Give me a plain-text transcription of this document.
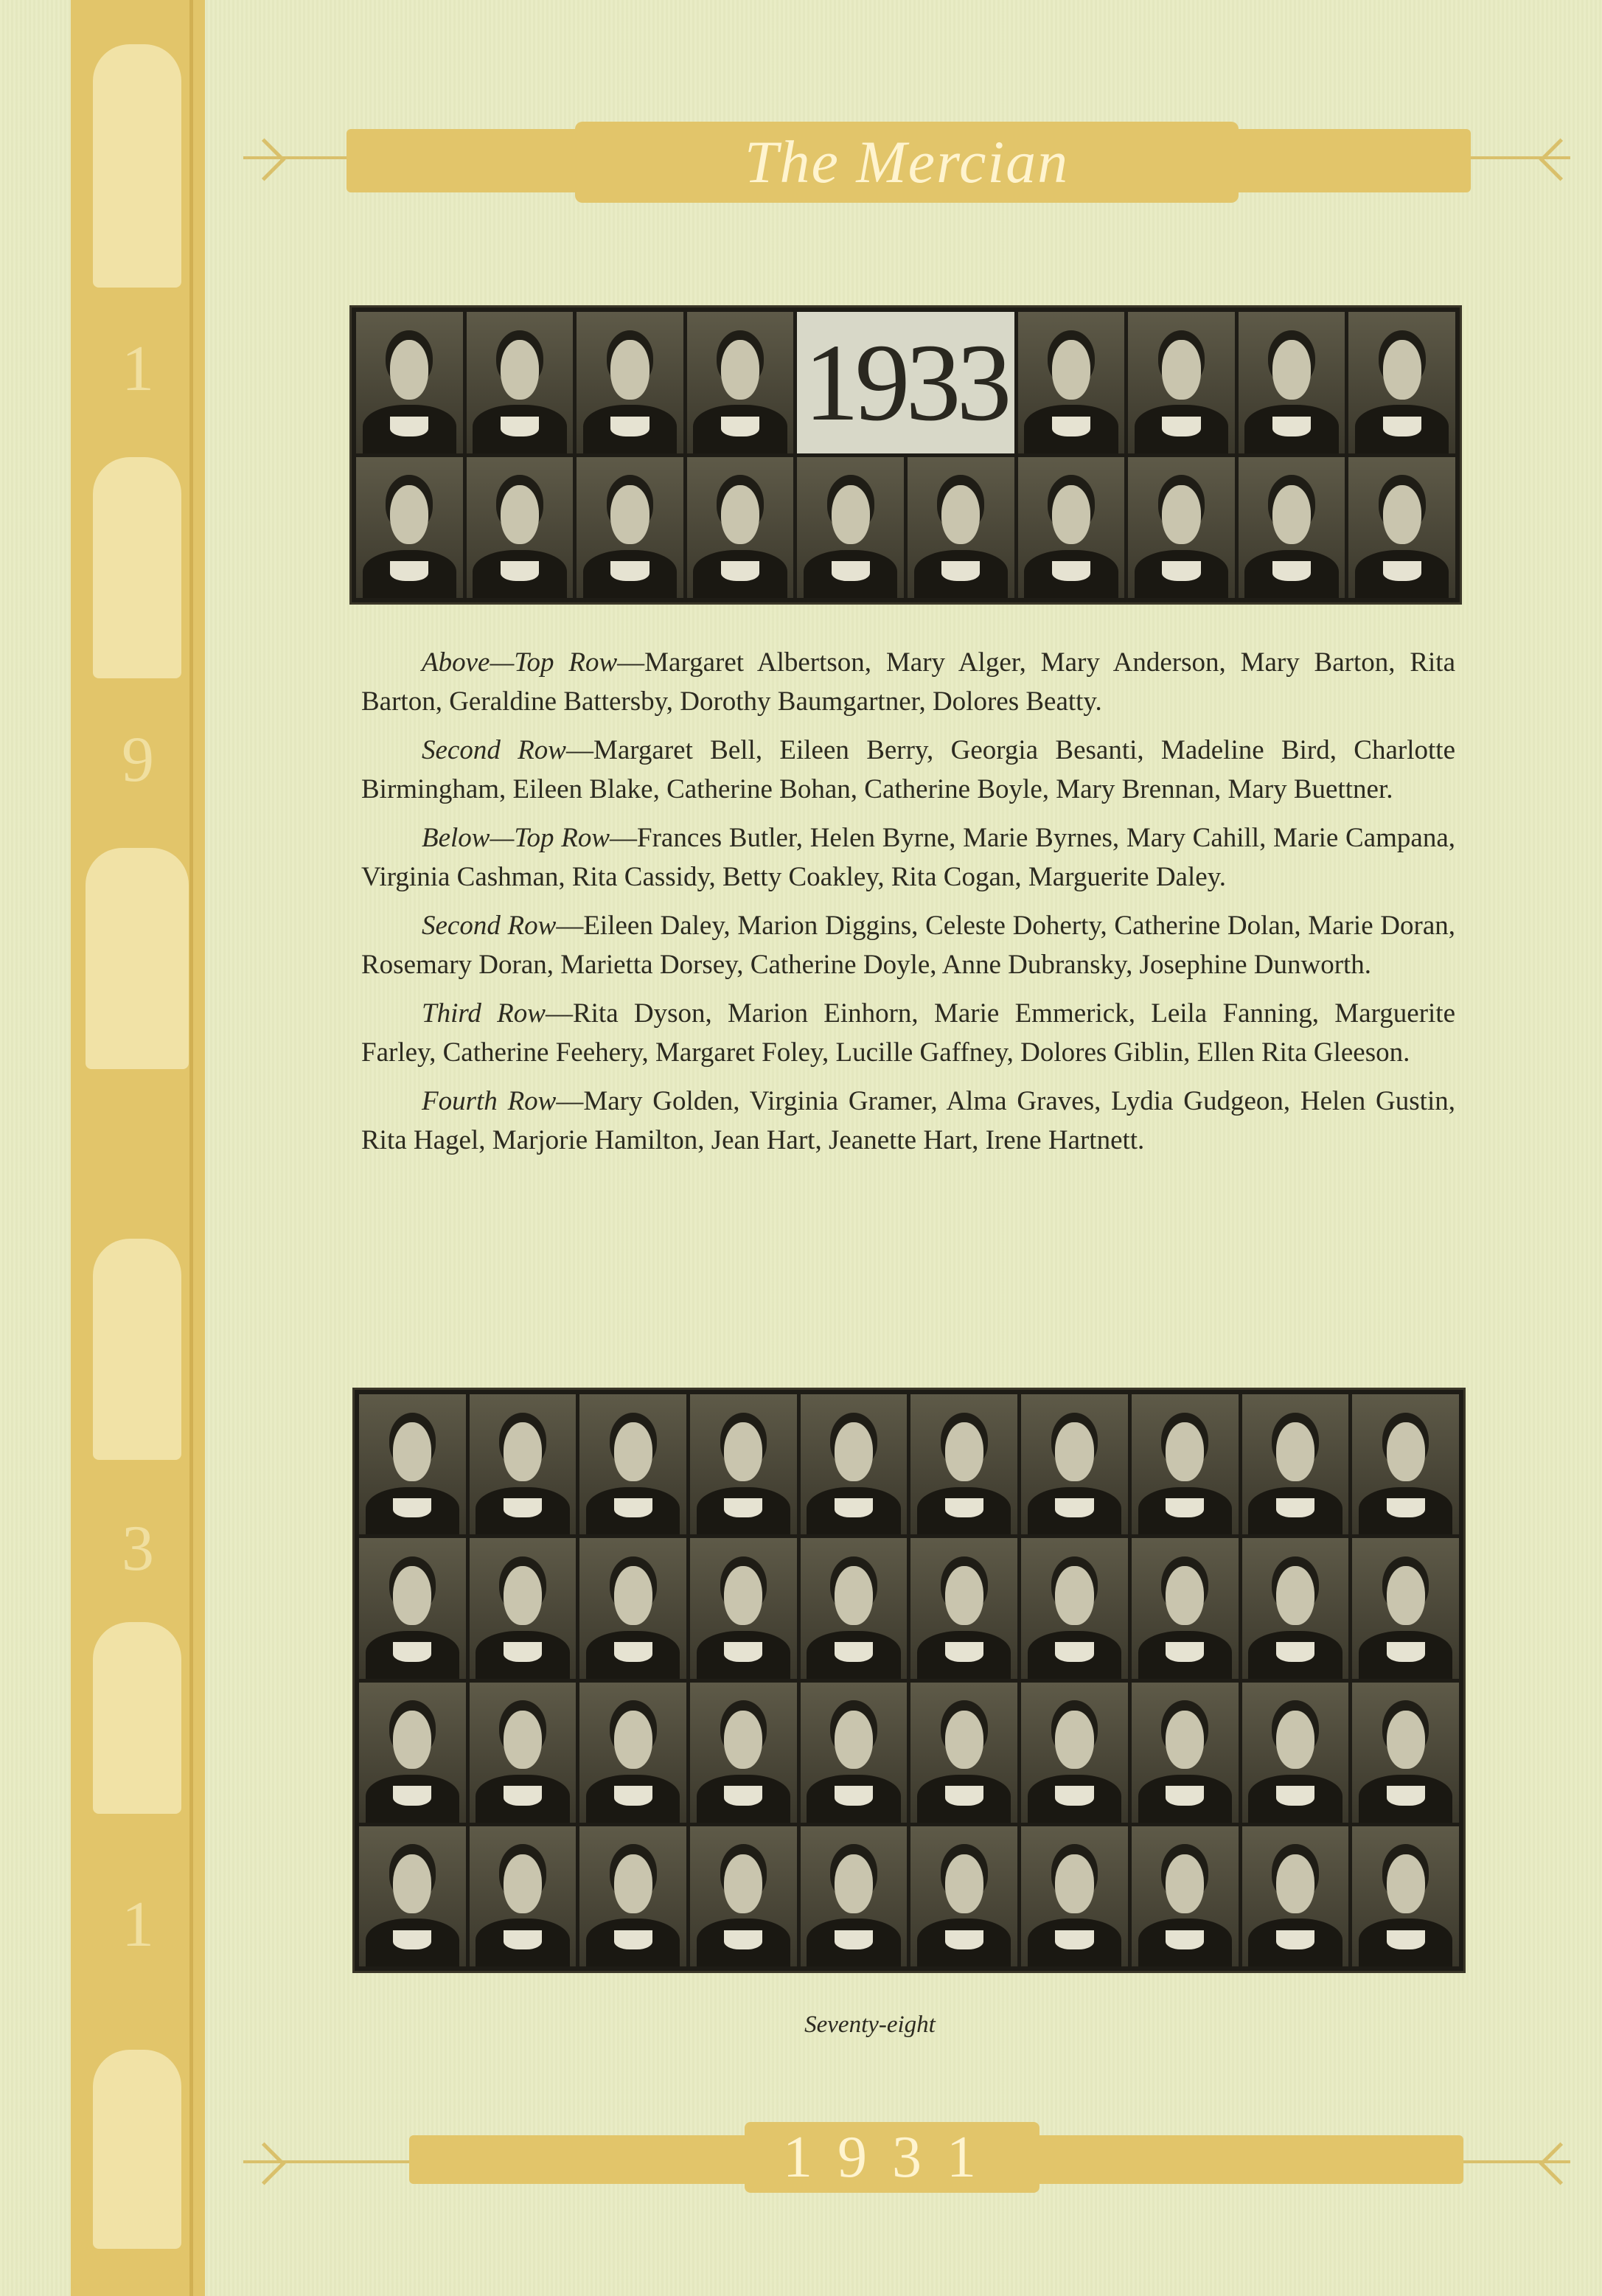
1
9
3
1
The Mercian
1933

Above—Top Row—Margaret Albertson, Mary Alger, Mary Anderson, Mary Barton, Rita Barton, Geraldine Battersby, Dorothy Baumgartner, Dolores Beatty.

Second Row—Margaret Bell, Eileen Berry, Georgia Besanti, Madeline Bird, Charlotte Birmingham, Eileen Blake, Catherine Bohan, Catherine Boyle, Mary Brennan, Mary Buettner.

Below—Top Row—Frances Butler, Helen Byrne, Marie Byrnes, Mary Cahill, Marie Campana, Virginia Cashman, Rita Cassidy, Betty Coakley, Rita Cogan, Marguerite Daley.

Second Row—Eileen Daley, Marion Diggins, Celeste Doherty, Catherine Dolan, Marie Doran, Rosemary Doran, Marietta Dorsey, Catherine Doyle, Anne Dubransky, Josephine Dunworth.

Third Row—Rita Dyson, Marion Einhorn, Marie Emmerick, Leila Fanning, Marguerite Farley, Catherine Feehery, Margaret Foley, Lucille Gaffney, Dolores Giblin, Ellen Rita Gleeson.

Fourth Row—Mary Golden, Virginia Gramer, Alma Graves, Lydia Gudgeon, Helen Gustin, Rita Hagel, Marjorie Hamilton, Jean Hart, Jeanette Hart, Irene Hartnett.

Seventy-eight
1931
